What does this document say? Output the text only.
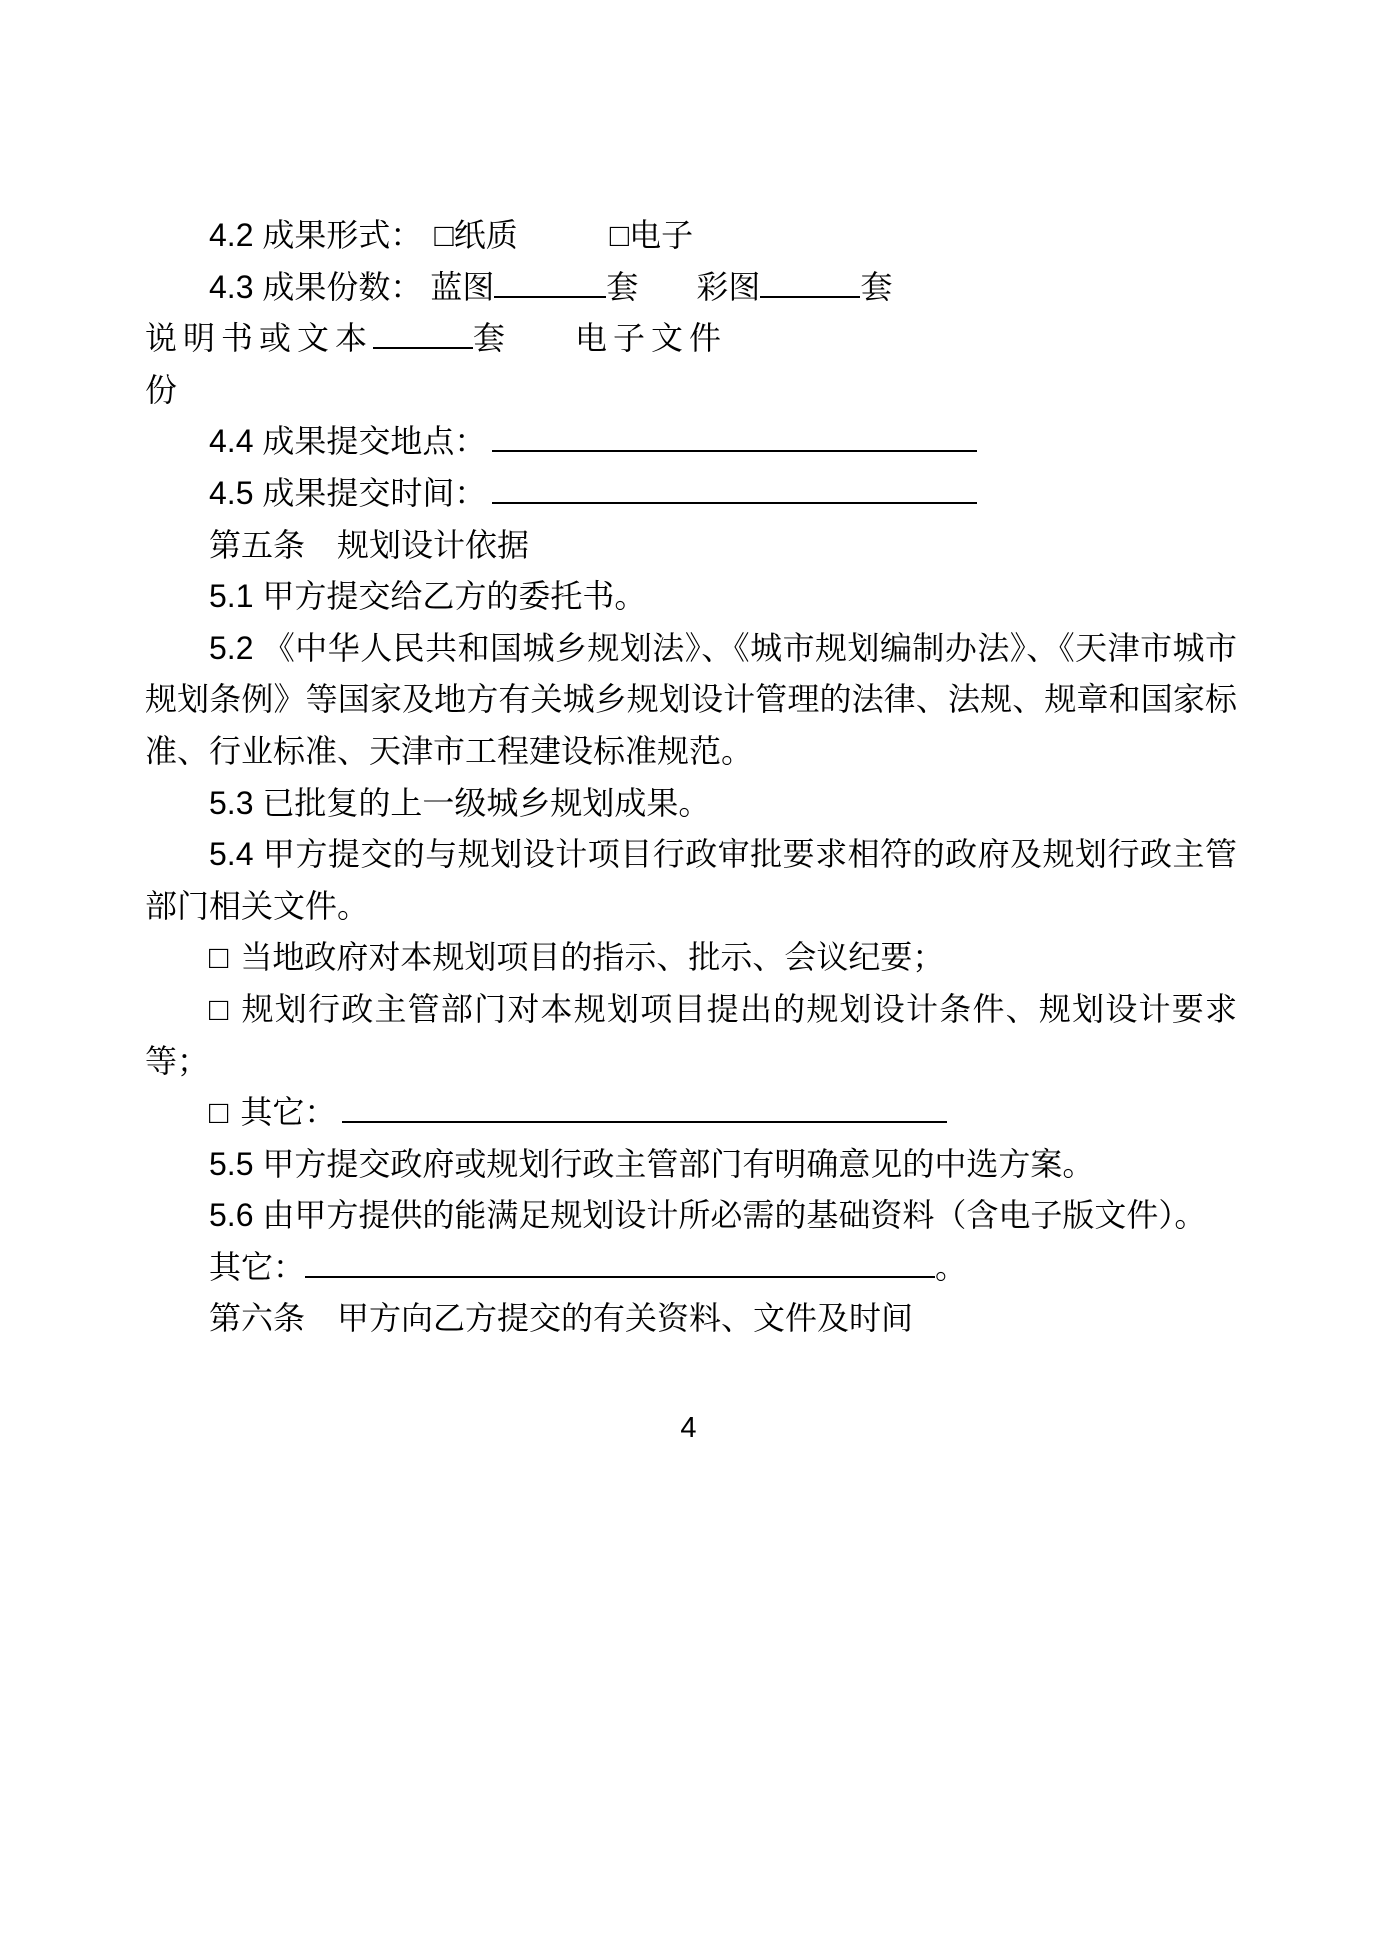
4.2 成果形式： □纸质	□电子

4.3 成果份数： 蓝图	套 彩图	套

说明书或文本	套 电子文件

份

4.4 成果提交地点：

4.5 成果提交时间：

第五条　规划设计依据

5.1 甲方提交给乙方的委托书。

5.2 《中华人民共和国城乡规划法》、《城市规划编制办法》、《天津市城市规划条例》等国家及地方有关城乡规划设计管理的法律、法规、规章和国家标准、行业标准、天津市工程建设标准规范。

5.3 已批复的上一级城乡规划成果。

5.4 甲方提交的与规划设计项目行政审批要求相符的政府及规划行政主管部门相关文件。

□ 当地政府对本规划项目的指示、批示、会议纪要；

□ 规划行政主管部门对本规划项目提出的规划设计条件、规划设计要求等；

□ 其它：

5.5 甲方提交政府或规划行政主管部门有明确意见的中选方案。

5.6 由甲方提供的能满足规划设计所必需的基础资料（含电子版文件）。

其它：	。

第六条　甲方向乙方提交的有关资料、文件及时间

4
